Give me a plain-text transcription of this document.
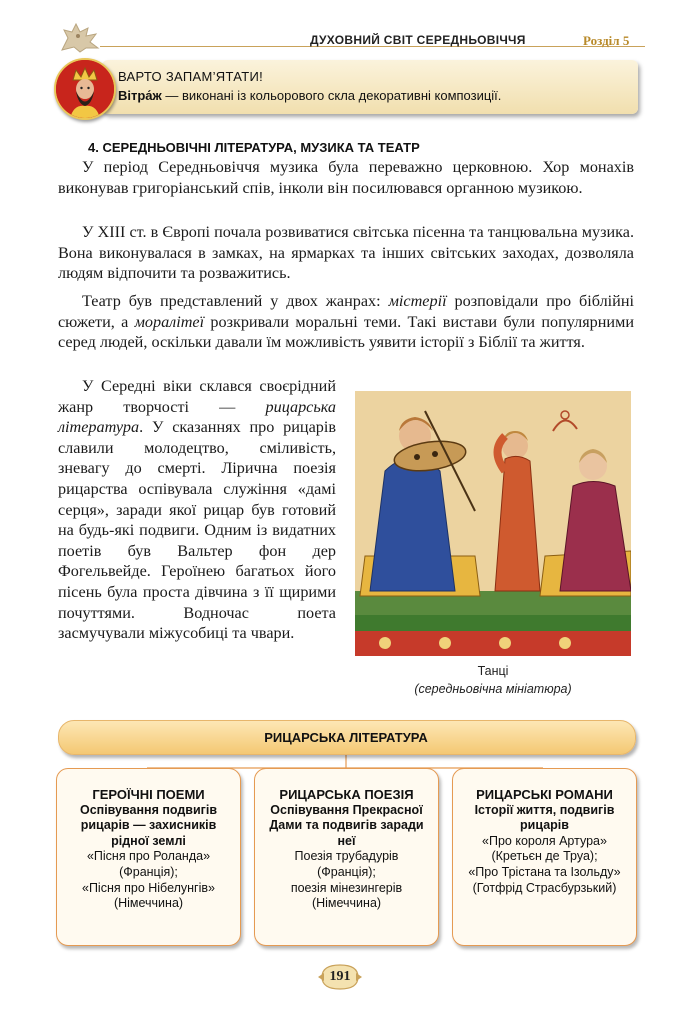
ДУХОВНИЙ СВІТ СЕРЕДНЬОВІЧЧЯ	Розділ 5
ВАРТО ЗАПАМ’ЯТАТИ!
Вітра́ж — виконані із кольорового скла декоративні композиції.
4. СЕРЕДНЬОВІЧНІ ЛІТЕРАТУРА, МУЗИКА ТА ТЕАТР

У період Середньовіччя музика була переважно церковною. Хор монахів виконував григоріанський спів, інколи він посилювався органною музикою.

У XIII ст. в Європі почала розвиватися світська пісенна та танцювальна музика. Вона виконувалася в замках, на ярмарках та інших світських заходах, дозволяла людям відпочити та розважитись.

Театр був представлений у двох жанрах: містерії розповідали про біблійні сюжети, а моралітеї розкривали моральні теми. Такі вистави були популярними серед людей, оскільки давали їм можливість уявити історії з Біблії та життя.

У Середні віки склався своєрідний жанр творчості — рицарська література. У сказаннях про рицарів славили молодецтво, сміливість, зневагу до смерті. Лірична поезія рицарства оспівувала служіння «дамі серця», заради якої рицар був готовий на будь-які подвиги. Одним із видатних поетів був Вальтер фон дер Фогельвейде. Героїнею багатьох його пісень була проста дівчина з її щирими почуттями. Водночас поета засмучували міжусобиці та чвари.

Танці
(середньовічна мініатюра)
РИЦАРСЬКА ЛІТЕРАТУРА
ГЕРОЇЧНІ ПОЕМИ
Оспівування подвигів рицарів — захисників рідної землі
«Пісня про Роланда»
(Франція);
«Пісня про Нібелунгів»
(Німеччина)
РИЦАРСЬКА ПОЕЗІЯ
Оспівування Прекрасної Дами та подвигів заради неї
Поезія трубадурів
(Франція);
поезія мінезингерів
(Німеччина)
РИЦАРСЬКІ РОМАНИ
Історії життя, подвигів рицарів
«Про короля Артура»
(Кретьєн де Труа);
«Про Трістана та Ізольду» (Готфрід Страсбурзький)
191
